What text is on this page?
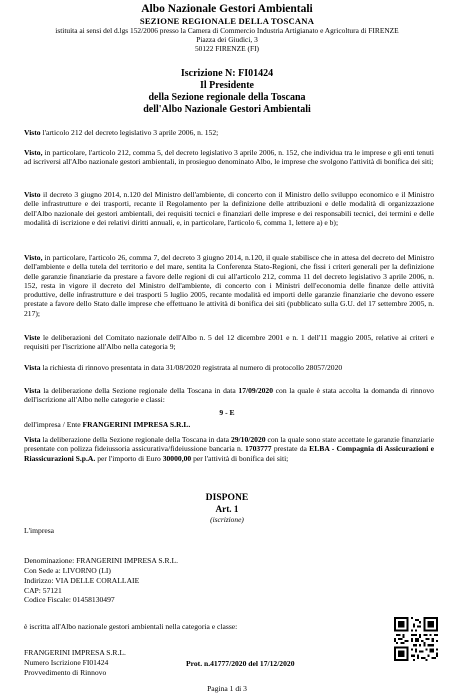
Albo Nazionale Gestori Ambientali
SEZIONE REGIONALE DELLA TOSCANA
istituita ai sensi del d.lgs 152/2006 presso la Camera di Commercio Industria Artigianato e Agricoltura di FIRENZE
Piazza dei Giudici, 3
50122 FIRENZE (FI)
Iscrizione N: FI01424
Il Presidente
della Sezione regionale della Toscana
dell'Albo Nazionale Gestori Ambientali

Visto l'articolo 212 del decreto legislativo 3 aprile 2006, n. 152;

Visto, in particolare, l'articolo 212, comma 5, del decreto legislativo 3 aprile 2006, n. 152, che individua tra le imprese e gli enti tenuti ad iscriversi all'Albo nazionale gestori ambientali, in prosieguo denominato Albo, le imprese che svolgono l'attività di bonifica dei siti;

Visto il decreto 3 giugno 2014, n.120 del Ministro dell'ambiente, di concerto con il Ministro dello sviluppo economico e il Ministro delle infrastrutture e dei trasporti, recante il Regolamento per la definizione delle attribuzioni e delle modalità di organizzazione dell'Albo nazionale dei gestori ambientali, dei requisiti tecnici e finanziari delle imprese e dei responsabili tecnici, dei termini e delle modalità di iscrizione e dei relativi diritti annuali, e, in particolare, l'articolo 6, comma 1, lettere a) e b);

Visto, in particolare, l'articolo 26, comma 7, del decreto 3 giugno 2014, n.120, il quale stabilisce che in attesa del decreto del Ministro dell'ambiente e della tutela del territorio e del mare, sentita la Conferenza Stato-Regioni, che fissi i criteri generali per la definizione delle garanzie finanziarie da prestare a favore delle regioni di cui all'articolo 212, comma 11 del decreto legislativo 3 aprile 2006, n. 152, resta in vigore il decreto del Ministro dell'ambiente, di concerto con i Ministri dell'economia delle finanze delle attività produttive, delle infrastrutture e dei trasporti 5 luglio 2005, recante modalità ed importi delle garanzie finanziarie che devono essere prestate a favore dello Stato dalle imprese che effettuano le attività di bonifica dei siti (pubblicato sulla G.U. del 17 settembre 2005, n. 217);

Viste le deliberazioni del Comitato nazionale dell'Albo n. 5 del 12 dicembre 2001 e n. 1 dell'11 maggio 2005, relative ai criteri e requisiti per l'iscrizione all'Albo nella categoria 9;

Vista la richiesta di rinnovo presentata in data 31/08/2020 registrata al numero di protocollo 28057/2020

Vista la deliberazione della Sezione regionale della Toscana in data 17/09/2020 con la quale è stata accolta la domanda di rinnovo dell'iscrizione all'Albo nelle categorie e classi:

9 - E

dell'impresa / Ente FRANGERINI IMPRESA S.R.L.

Vista la deliberazione della Sezione regionale della Toscana in data 29/10/2020 con la quale sono state accettate le garanzie finanziarie presentate con polizza fideiussoria assicurativa/fideiussione bancaria n. 1703777 prestate da ELBA - Compagnia di Assicurazioni e Riassicurazioni S.p.A. per l'importo di Euro 30000,00 per l'attività di bonifica dei siti;

DISPONE
Art. 1
(iscrizione)
L'impresa
Denominazione: FRANGERINI IMPRESA S.R.L.
Con Sede a: LIVORNO (LI)
Indirizzo: VIA DELLE CORALLAIE
CAP: 57121
Codice Fiscale: 01458130497
è iscritta all'Albo nazionale gestori ambientali nella categoria e classe:
FRANGERINI IMPRESA S.R.L.
Numero Iscrizione FI01424
Provvedimento di Rinnovo
Prot. n.41777/2020 del 17/12/2020
Pagina 1 di 3
